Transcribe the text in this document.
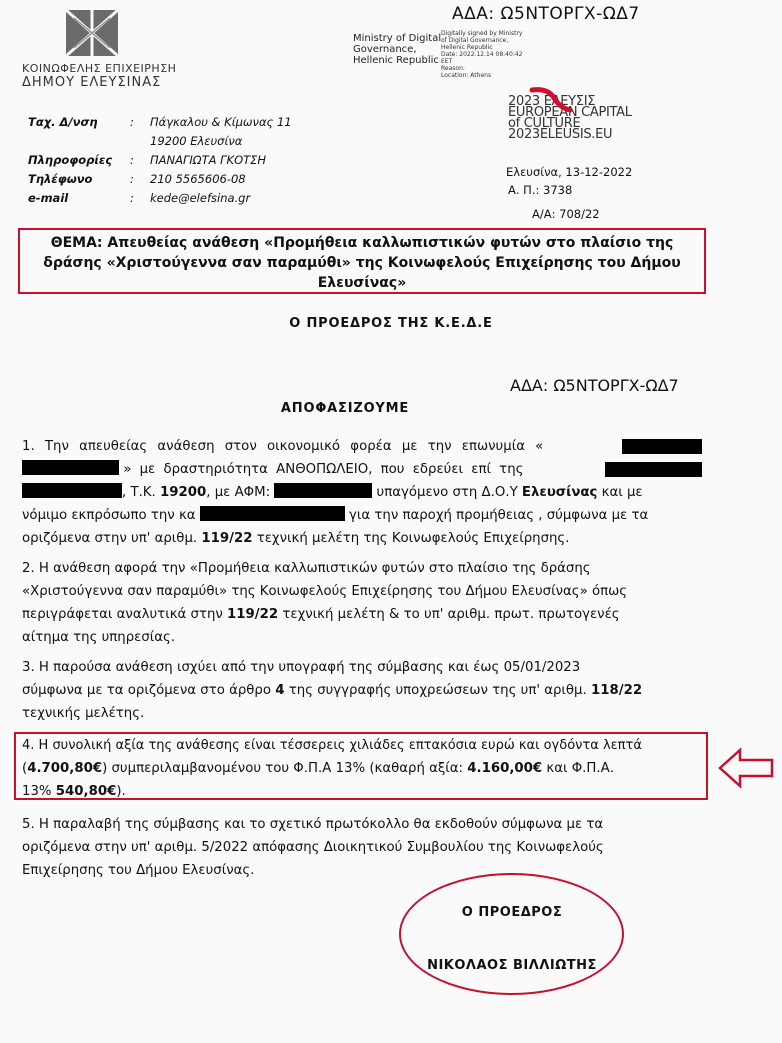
ΚΟΙΝΩΦΕΛΗΣ ΕΠΙΧΕΙΡΗΣΗ
ΔΗΜΟΥ ΕΛΕΥΣΙΝΑΣ
ΑΔΑ: Ω5ΝΤΟΡΓΧ-ΩΔ7
Ministry of Digital
Governance,
Hellenic Republic
Digitally signed by Ministry
of Digital Governance,
Hellenic Republic
Date: 2022.12.14 08:40:42
EET
Reason:
Location: Athens
2023 ΕΛΕΥΣΙΣ
EUROPEAN CAPITAL
of CULTURE
2023ELEUSIS.EU
Ταχ. Δ/νση	: Πάγκαλου & Κίμωνας 11
19200 Ελευσίνα
Πληροφορίες : ΠΑΝΑΓΙΩΤΑ ΓΚΟΤΣΗ
Τηλέφωνο	: 210 5565606-08
e-mail	: kede@elefsina.gr
Ελευσίνα, 13-12-2022
Α. Π.: 3738
Α/Α: 708/22
ΘΕΜΑ: Απευθείας ανάθεση «Προμήθεια καλλωπιστικών φυτών στο πλαίσιο της
δράσης «Χριστούγεννα σαν παραμύθι» της Κοινωφελούς Επιχείρησης του Δήμου
Ελευσίνας»
Ο ΠΡΟΕΔΡΟΣ ΤΗΣ Κ.Ε.Δ.Ε
ΑΔΑ: Ω5ΝΤΟΡΓΧ-ΩΔ7
ΑΠΟΦΑΣΙΖΟΥΜΕ
1. Την απευθείας ανάθεση στον οικονομικό φορέα με την επωνυμία «
» με δραστηριότητα ΑΝΘΟΠΩΛΕΙΟ, που εδρεύει επί της
, Τ.Κ. 19200, με ΑΦΜ:	υπαγόμενο στη Δ.Ο.Υ Ελευσίνας και με
νόμιμο εκπρόσωπο την κα	για την παροχή προμήθειας , σύμφωνα με τα
οριζόμενα στην υπ' αριθμ. 119/22 τεχνική μελέτη της Κοινωφελούς Επιχείρησης.
2. Η ανάθεση αφορά την «Προμήθεια καλλωπιστικών φυτών στο πλαίσιο της δράσης
«Χριστούγεννα σαν παραμύθι» της Κοινωφελούς Επιχείρησης του Δήμου Ελευσίνας» όπως
περιγράφεται αναλυτικά στην 119/22 τεχνική μελέτη & το υπ' αριθμ. πρωτ. πρωτογενές
αίτημα της υπηρεσίας.
3. Η παρούσα ανάθεση ισχύει από την υπογραφή της σύμβασης και έως 05/01/2023
σύμφωνα με τα οριζόμενα στο άρθρο 4 της συγγραφής υποχρεώσεων της υπ' αριθμ. 118/22
τεχνικής μελέτης.
4. Η συνολική αξία της ανάθεσης είναι τέσσερεις χιλιάδες επτακόσια ευρώ και ογδόντα λεπτά
(4.700,80€) συμπεριλαμβανομένου του Φ.Π.Α 13% (καθαρή αξία: 4.160,00€ και Φ.Π.Α.
13% 540,80€).
5. Η παραλαβή της σύμβασης και το σχετικό πρωτόκολλο θα εκδοθούν σύμφωνα με τα
οριζόμενα στην υπ' αριθμ. 5/2022 απόφασης Διοικητικού Συμβουλίου της Κοινωφελούς
Επιχείρησης του Δήμου Ελευσίνας.
Ο ΠΡΟΕΔΡΟΣ
ΝΙΚΟΛΑΟΣ ΒΙΛΛΙΩΤΗΣ
